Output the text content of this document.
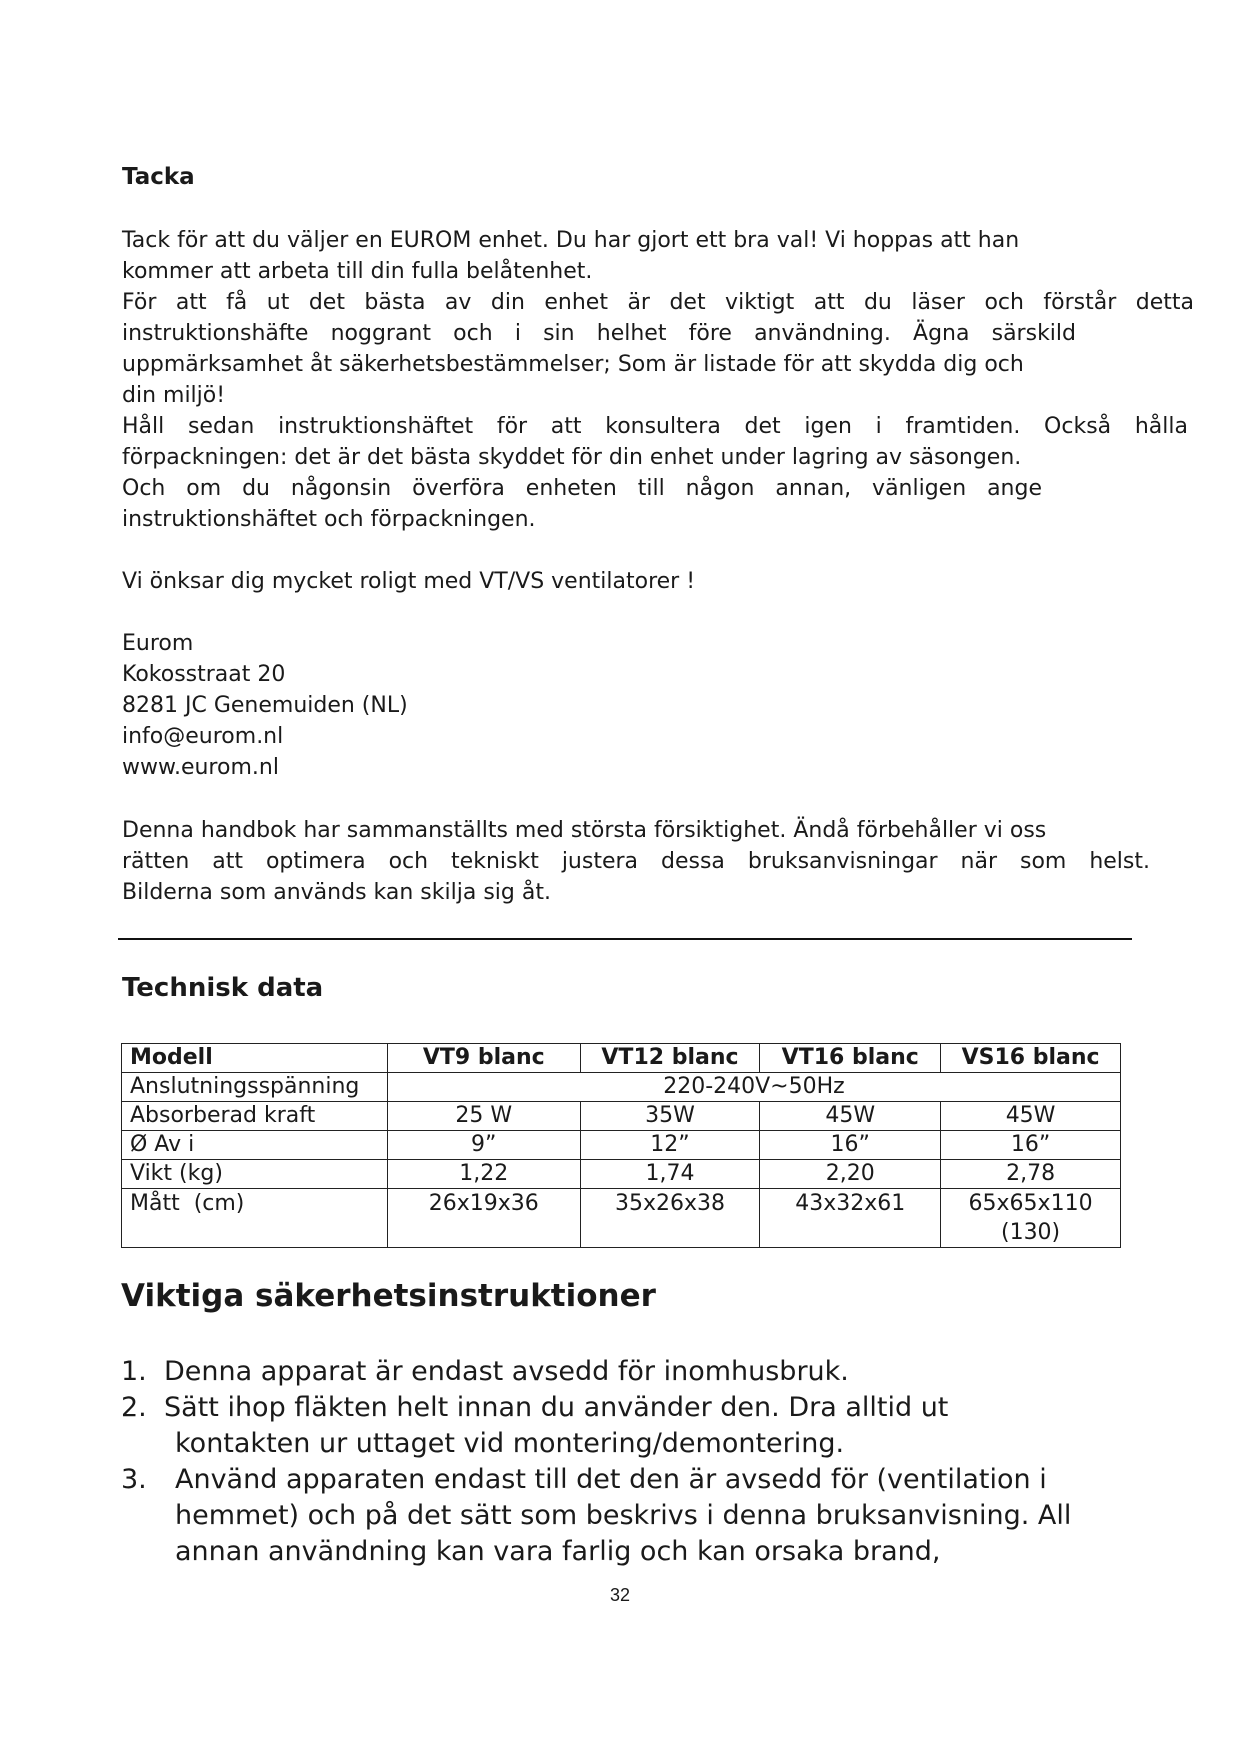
Tacka
Tack för att du väljer en EUROM enhet. Du har gjort ett bra val! Vi hoppas att han
kommer att arbeta till din fulla belåtenhet.
För att få ut det bästa av din enhet är det viktigt att du läser och förstår detta
instruktionshäfte noggrant och i sin helhet före användning. Ägna särskild
uppmärksamhet åt säkerhetsbestämmelser; Som är listade för att skydda dig och
din miljö!
Håll sedan instruktionshäftet för att konsultera det igen i framtiden. Också hålla
förpackningen: det är det bästa skyddet för din enhet under lagring av säsongen.
Och om du någonsin överföra enheten till någon annan, vänligen ange
instruktionshäftet och förpackningen.

Vi önksar dig mycket roligt med VT/VS ventilatorer !

Eurom
Kokosstraat 20
8281 JC Genemuiden (NL)
info@eurom.nl
www.eurom.nl
Denna handbok har sammanställts med största försiktighet. Ändå förbehåller vi oss
rätten att optimera och tekniskt justera dessa bruksanvisningar när som helst.
Bilderna som används kan skilja sig åt.
Technisk data
Modell	VT9 blanc	VT12 blanc	VT16 blanc	VS16 blanc
Anslutningsspänning	220-240V~50Hz			
Absorberad kraft	25 W	35W	45W	45W
Ø Av i	9”	12”	16”	16”
Vikt (kg)	1,22	1,74	2,20	2,78
Mått  (cm)	26x19x36	35x26x38	43x32x61	65x65x110
(130)
Viktiga säkerhetsinstruktioner
1. Denna apparat är endast avsedd för inomhusbruk.
2. Sätt ihop fläkten helt innan du använder den. Dra alltid ut
kontakten ur uttaget vid montering/demontering.
3. Använd apparaten endast till det den är avsedd för (ventilation i
hemmet) och på det sätt som beskrivs i denna bruksanvisning. All
annan användning kan vara farlig och kan orsaka brand,
32
